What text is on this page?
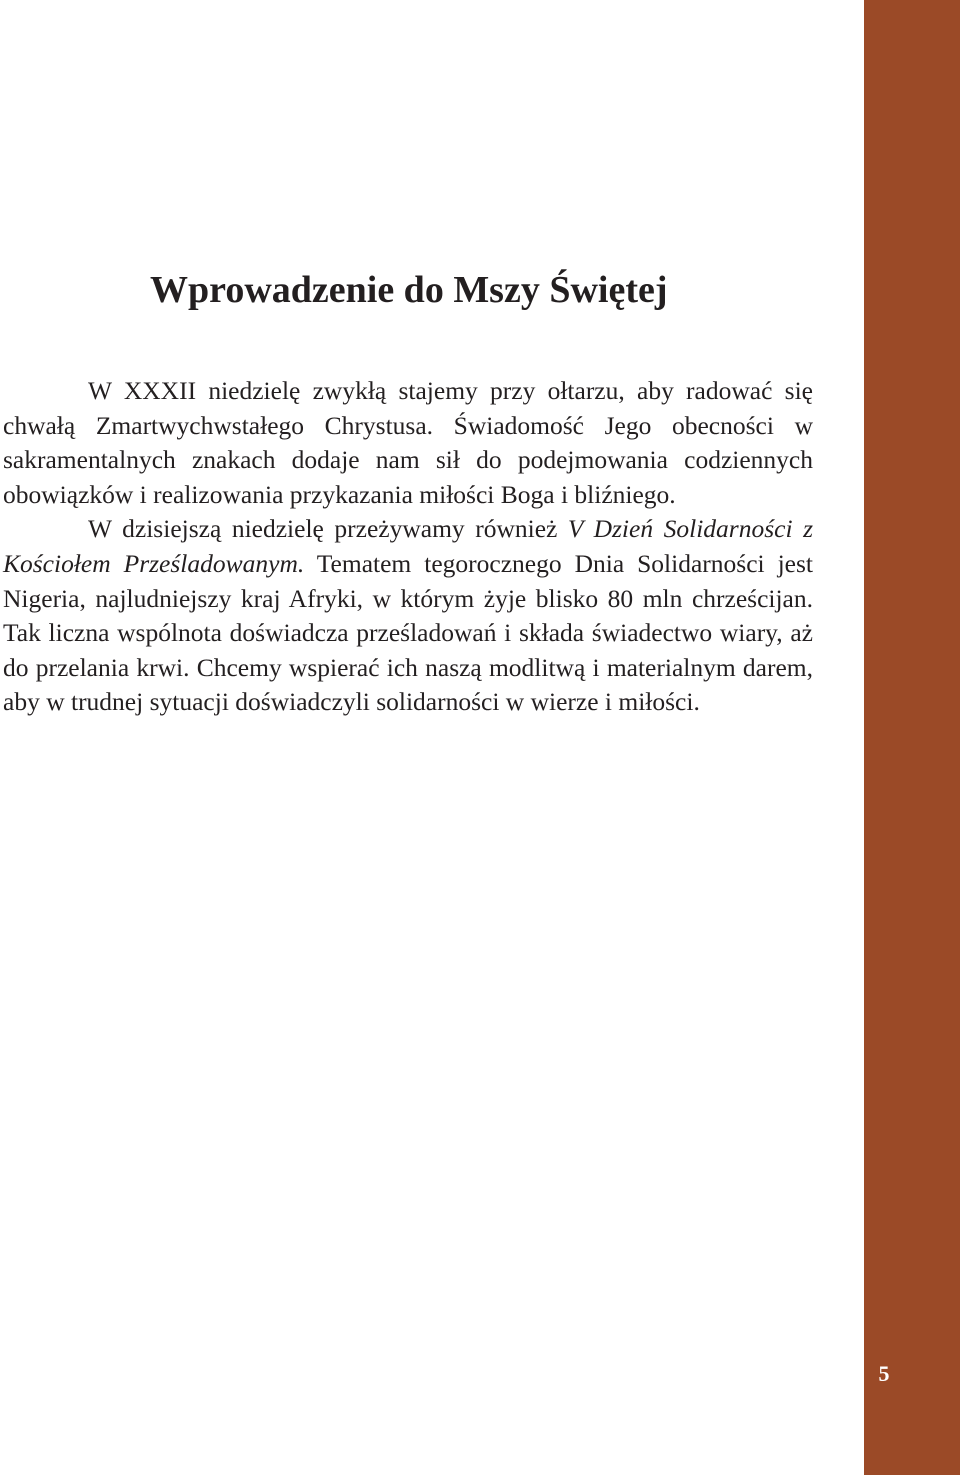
Wprowadzenie do Mszy Świętej

W XXXII niedzielę zwykłą stajemy przy ołtarzu, aby radować się chwałą Zmartwychwstałego Chrystusa. Świadomość Jego obecności w sakramentalnych znakach dodaje nam sił do podejmowania codziennych obowiązków i realizowania przykazania miłości Boga i bliźniego.

W dzisiejszą niedzielę przeżywamy również V Dzień Solidarności z Kościołem Prześladowanym. Tematem tegorocznego Dnia Solidarności jest Nigeria, najludniejszy kraj Afryki, w którym żyje blisko 80 mln chrześcijan. Tak liczna wspólnota doświadcza prześladowań i składa świadectwo wiary, aż do przelania krwi. Chcemy wspierać ich naszą modlitwą i materialnym darem, aby w trudnej sytuacji doświadczyli solidarności w wierze i miłości.

5
